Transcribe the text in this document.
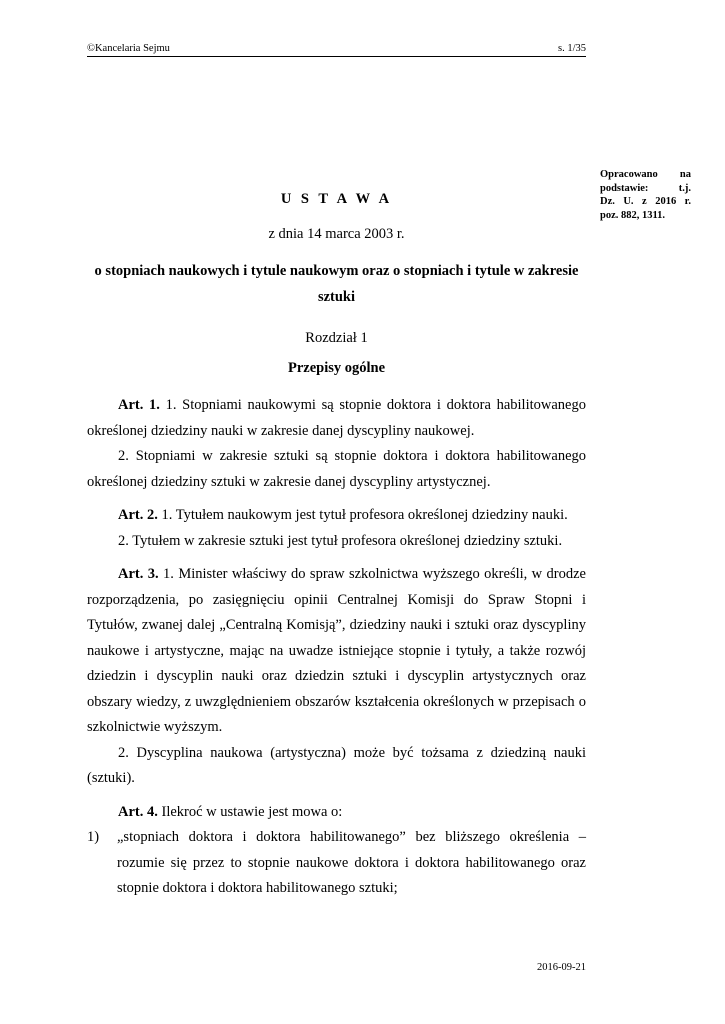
©Kancelaria Sejmu	s. 1/35
Opracowano na
podstawie: t.j.
Dz. U. z 2016 r.
poz. 882, 1311.
U S T A W A
z dnia 14 marca 2003 r.
o stopniach naukowych i tytule naukowym oraz o stopniach i tytule w zakresie sztuki
Rozdział 1
Przepisy ogólne

Art. 1. 1. Stopniami naukowymi są stopnie doktora i doktora habilitowanego określonej dziedziny nauki w zakresie danej dyscypliny naukowej.

2. Stopniami w zakresie sztuki są stopnie doktora i doktora habilitowanego określonej dziedziny sztuki w zakresie danej dyscypliny artystycznej.

Art. 2. 1. Tytułem naukowym jest tytuł profesora określonej dziedziny nauki.

2. Tytułem w zakresie sztuki jest tytuł profesora określonej dziedziny sztuki.

Art. 3. 1. Minister właściwy do spraw szkolnictwa wyższego określi, w drodze rozporządzenia, po zasięgnięciu opinii Centralnej Komisji do Spraw Stopni i Tytułów, zwanej dalej „Centralną Komisją”, dziedziny nauki i sztuki oraz dyscypliny naukowe i artystyczne, mając na uwadze istniejące stopnie i tytuły, a także rozwój dziedzin i dyscyplin nauki oraz dziedzin sztuki i dyscyplin artystycznych oraz obszary wiedzy, z uwzględnieniem obszarów kształcenia określonych w przepisach o szkolnictwie wyższym.

2. Dyscyplina naukowa (artystyczna) może być tożsama z dziedziną nauki (sztuki).

Art. 4. Ilekroć w ustawie jest mowa o:

1)	„stopniach doktora i doktora habilitowanego” bez bliższego określenia – rozumie się przez to stopnie naukowe doktora i doktora habilitowanego oraz stopnie doktora i doktora habilitowanego sztuki;
2016-09-21
